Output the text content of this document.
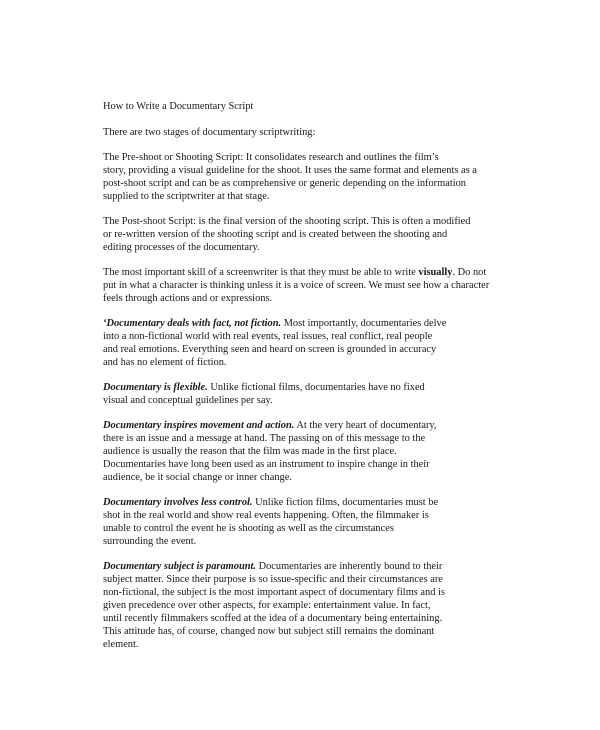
How to Write a Documentary Script

There are two stages of documentary scriptwriting:

The Pre-shoot or Shooting Script: It consolidates research and outlines the film’s
story, providing a visual guideline for the shoot. It uses the same format and elements as a
post-shoot script and can be as comprehensive or generic depending on the information
supplied to the scriptwriter at that stage.

The Post-shoot Script: is the final version of the shooting script. This is often a modified
or re-written version of the shooting script and is created between the shooting and
editing processes of the documentary.

The most important skill of a screenwriter is that they must be able to write visually. Do not
put in what a character is thinking unless it is a voice of screen. We must see how a character
feels through actions and or expressions.

‘Documentary deals with fact, not fiction. Most importantly, documentaries delve
into a non-fictional world with real events, real issues, real conflict, real people
and real emotions. Everything seen and heard on screen is grounded in accuracy
and has no element of fiction.

Documentary is flexible. Unlike fictional films, documentaries have no fixed
visual and conceptual guidelines per say.

Documentary inspires movement and action. At the very heart of documentary,
there is an issue and a message at hand. The passing on of this message to the
audience is usually the reason that the film was made in the first place.
Documentaries have long been used as an instrument to inspire change in their
audience, be it social change or inner change.

Documentary involves less control. Unlike fiction films, documentaries must be
shot in the real world and show real events happening. Often, the filmmaker is
unable to control the event he is shooting as well as the circumstances
surrounding the event.

Documentary subject is paramount. Documentaries are inherently bound to their
subject matter. Since their purpose is so issue-specific and their circumstances are
non-fictional, the subject is the most important aspect of documentary films and is
given precedence over other aspects, for example: entertainment value. In fact,
until recently filmmakers scoffed at the idea of a documentary being entertaining.
This attitude has, of course, changed now but subject still remains the dominant
element.
